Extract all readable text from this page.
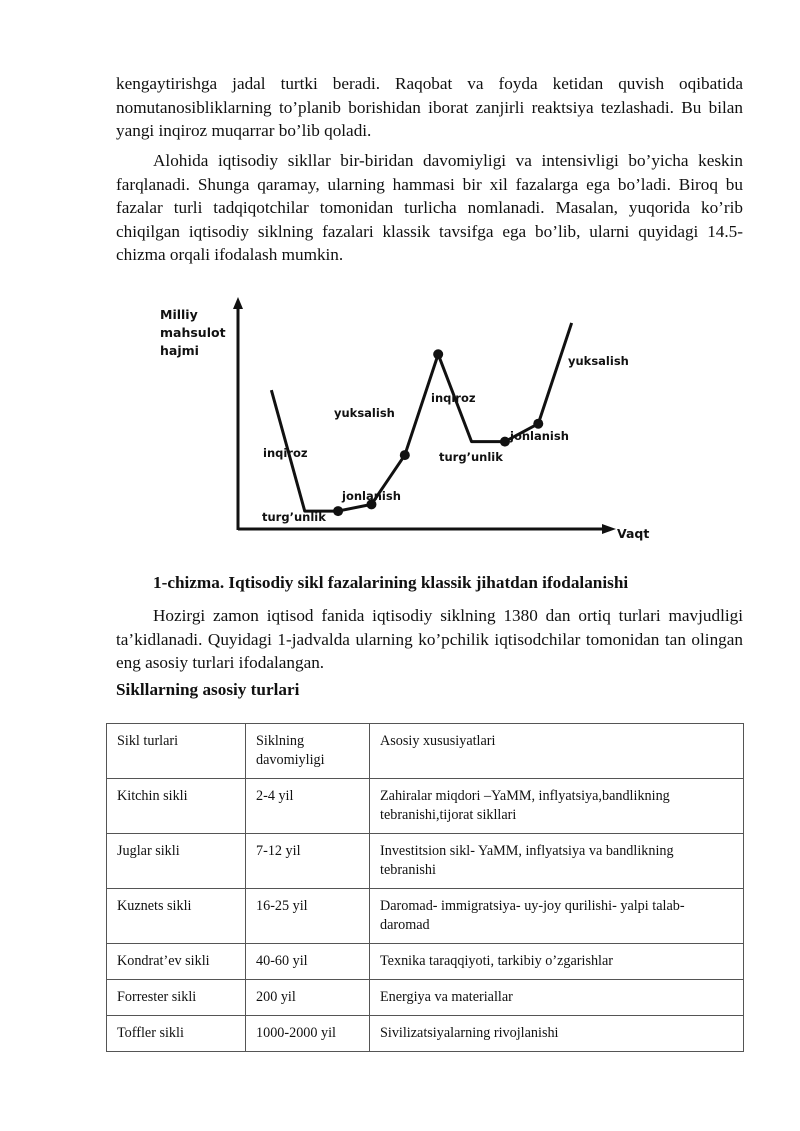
kengaytirishga jadal turtki beradi. Raqobat va foyda ketidan quvish oqibatida nomutanosibliklarning to’planib borishidan iborat zanjirli reaktsiya tezlashadi. Bu bilan yangi inqiroz muqarrar bo’lib qoladi.
Alohida iqtisodiy sikllar bir-biridan davomiyligi va intensivligi bo’yicha keskin farqlanadi. Shunga qaramay, ularning hammasi bir xil fazalarga ega bo’ladi. Biroq bu fazalar turli tadqiqotchilar tomonidan turlicha nomlanadi. Masalan, yuqorida ko’rib chiqilgan iqtisodiy siklning fazalari klassik tavsifga ega bo’lib, ularni quyidagi 14.5-chizma orqali ifodalash mumkin.
Milliy
mahsulot
hajmi
Vaqt
inqiroz
turg’unlik
jonlanish
yuksalish
inqiroz
turg’unlik
jonlanish
yuksalish
1-chizma. Iqtisodiy sikl fazalarining klassik jihatdan ifodalanishi
Hozirgi zamon iqtisod fanida iqtisodiy siklning 1380 dan ortiq turlari mavjudligi ta’kidlanadi. Quyidagi 1-jadvalda ularning ko’pchilik iqtisodchilar tomonidan tan olingan eng asosiy turlari ifodalangan.
Sikllarning asosiy turlari
Sikl turlari	Siklning davomiyligi	Asosiy xususiyatlari
Kitchin sikli	2-4 yil	Zahiralar miqdori –YaMM, inflyatsiya,bandlikning tebranishi,tijorat sikllari
Juglar sikli	7-12 yil	Investitsion sikl- YaMM, inflyatsiya va bandlikning tebranishi
Kuznets sikli	16-25 yil	Daromad- immigratsiya- uy-joy qurilishi- yalpi talab- daromad
Kondrat’ev sikli	40-60 yil	Texnika taraqqiyoti, tarkibiy o’zgarishlar
Forrester sikli	200 yil	Energiya va materiallar
Toffler sikli	1000-2000 yil	Sivilizatsiyalarning rivojlanishi
